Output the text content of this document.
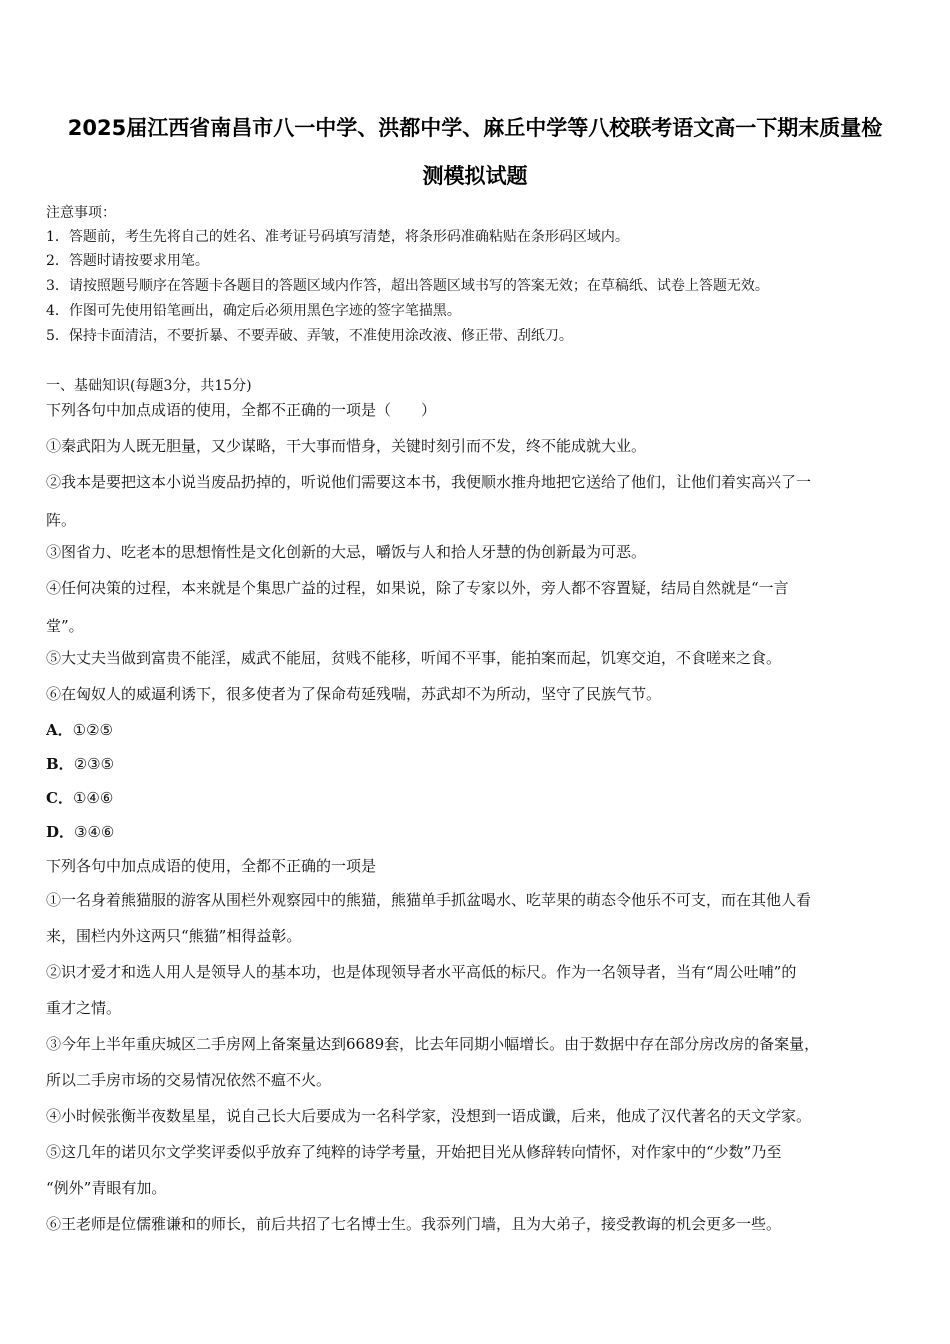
2025届江西省南昌市八一中学、洪都中学、麻丘中学等八校联考语文高一下期末质量检
测模拟试题
注意事项：
1．答题前，考生先将自己的姓名、准考证号码填写清楚，将条形码准确粘贴在条形码区域内。
2．答题时请按要求用笔。
3．请按照题号顺序在答题卡各题目的答题区域内作答，超出答题区域书写的答案无效；在草稿纸、试卷上答题无效。
4．作图可先使用铅笔画出，确定后必须用黑色字迹的签字笔描黑。
5．保持卡面清洁，不要折暴、不要弄破、弄皱，不准使用涂改液、修正带、刮纸刀。
一、基础知识(每题3分，共15分)
下列各句中加点成语的使用，全都不正确的一项是（　　）
①秦武阳为人既无胆量，又少谋略，干大事而惜身，关键时刻引而不发，终不能成就大业。
②我本是要把这本小说当废品扔掉的，听说他们需要这本书，我便顺水推舟地把它送给了他们，让他们着实高兴了一
阵。
③图省力、吃老本的思想惰性是文化创新的大忌，嚼饭与人和拾人牙慧的伪创新最为可恶。
④任何决策的过程，本来就是个集思广益的过程，如果说，除了专家以外，旁人都不容置疑，结局自然就是“一言
堂”。
⑤大丈夫当做到富贵不能淫，威武不能屈，贫贱不能移，听闻不平事，能拍案而起，饥寒交迫，不食嗟来之食。
⑥在匈奴人的威逼利诱下，很多使者为了保命苟延残喘，苏武却不为所动，坚守了民族气节。
A．①②⑤
B．②③⑤
C．①④⑥
D．③④⑥
下列各句中加点成语的使用，全都不正确的一项是
①一名身着熊猫服的游客从围栏外观察园中的熊猫，熊猫单手抓盆喝水、吃苹果的萌态令他乐不可支，而在其他人看
来，围栏内外这两只“熊猫”相得益彰。
②识才爱才和选人用人是领导人的基本功，也是体现领导者水平高低的标尺。作为一名领导者，当有“周公吐哺”的
重才之情。
③今年上半年重庆城区二手房网上备案量达到6689套，比去年同期小幅增长。由于数据中存在部分房改房的备案量，
所以二手房市场的交易情况依然不瘟不火。
④小时候张衡半夜数星星，说自己长大后要成为一名科学家，没想到一语成谶，后来，他成了汉代著名的天文学家。
⑤这几年的诺贝尔文学奖评委似乎放弃了纯粹的诗学考量，开始把目光从修辞转向情怀，对作家中的“少数”乃至
“例外”青眼有加。
⑥王老师是位儒雅谦和的师长，前后共招了七名博士生。我忝列门墙，且为大弟子，接受教诲的机会更多一些。
